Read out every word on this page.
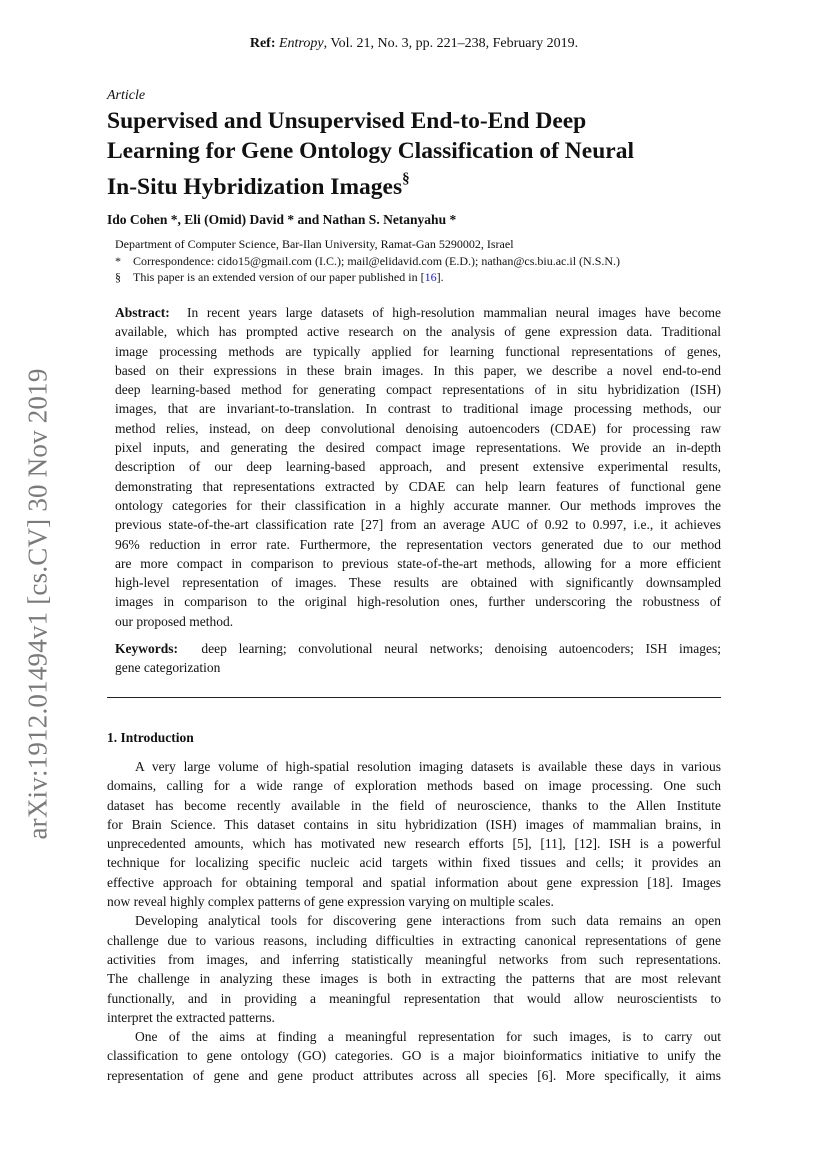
Ref: Entropy, Vol. 21, No. 3, pp. 221–238, February 2019.
arXiv:1912.01494v1 [cs.CV] 30 Nov 2019
Article
Supervised and Unsupervised End-to-End Deep
Learning for Gene Ontology Classification of Neural
In-Situ Hybridization Images§
Ido Cohen *, Eli (Omid) David * and Nathan S. Netanyahu *
Department of Computer Science, Bar-Ilan University, Ramat-Gan 5290002, Israel
*	Correspondence: cido15@gmail.com (I.C.); mail@elidavid.com (E.D.); nathan@cs.biu.ac.il (N.S.N.)
§	This paper is an extended version of our paper published in [ 16 ].
Abstract: In recent years large datasets of high-resolution mammalian neural images have become
available, which has prompted active research on the analysis of gene expression data. Traditional
image processing methods are typically applied for learning functional representations of genes,
based on their expressions in these brain images. In this paper, we describe a novel end-to-end
deep learning-based method for generating compact representations of in situ hybridization (ISH)
images, that are invariant-to-translation. In contrast to traditional image processing methods, our
method relies, instead, on deep convolutional denoising autoencoders (CDAE) for processing raw
pixel inputs, and generating the desired compact image representations. We provide an in-depth
description of our deep learning-based approach, and present extensive experimental results,
demonstrating that representations extracted by CDAE can help learn features of functional gene
ontology categories for their classification in a highly accurate manner. Our methods improves the
previous state-of-the-art classification rate [27] from an average AUC of 0.92 to 0.997, i.e., it achieves
96% reduction in error rate. Furthermore, the representation vectors generated due to our method
are more compact in comparison to previous state-of-the-art methods, allowing for a more efficient
high-level representation of images. These results are obtained with significantly downsampled
images in comparison to the original high-resolution ones, further underscoring the robustness of
our proposed method.
Keywords: deep learning; convolutional neural networks; denoising autoencoders; ISH images;
gene categorization
1. Introduction
A very large volume of high-spatial resolution imaging datasets is available these days in various
domains, calling for a wide range of exploration methods based on image processing. One such
dataset has become recently available in the field of neuroscience, thanks to the Allen Institute
for Brain Science. This dataset contains in situ hybridization (ISH) images of mammalian brains, in
unprecedented amounts, which has motivated new research efforts [5], [11], [12]. ISH is a powerful
technique for localizing specific nucleic acid targets within fixed tissues and cells; it provides an
effective approach for obtaining temporal and spatial information about gene expression [18]. Images
now reveal highly complex patterns of gene expression varying on multiple scales.
Developing analytical tools for discovering gene interactions from such data remains an open
challenge due to various reasons, including difficulties in extracting canonical representations of gene
activities from images, and inferring statistically meaningful networks from such representations.
The challenge in analyzing these images is both in extracting the patterns that are most relevant
functionally, and in providing a meaningful representation that would allow neuroscientists to
interpret the extracted patterns.
One of the aims at finding a meaningful representation for such images, is to carry out
classification to gene ontology (GO) categories. GO is a major bioinformatics initiative to unify the
representation of gene and gene product attributes across all species [6]. More specifically, it aims
